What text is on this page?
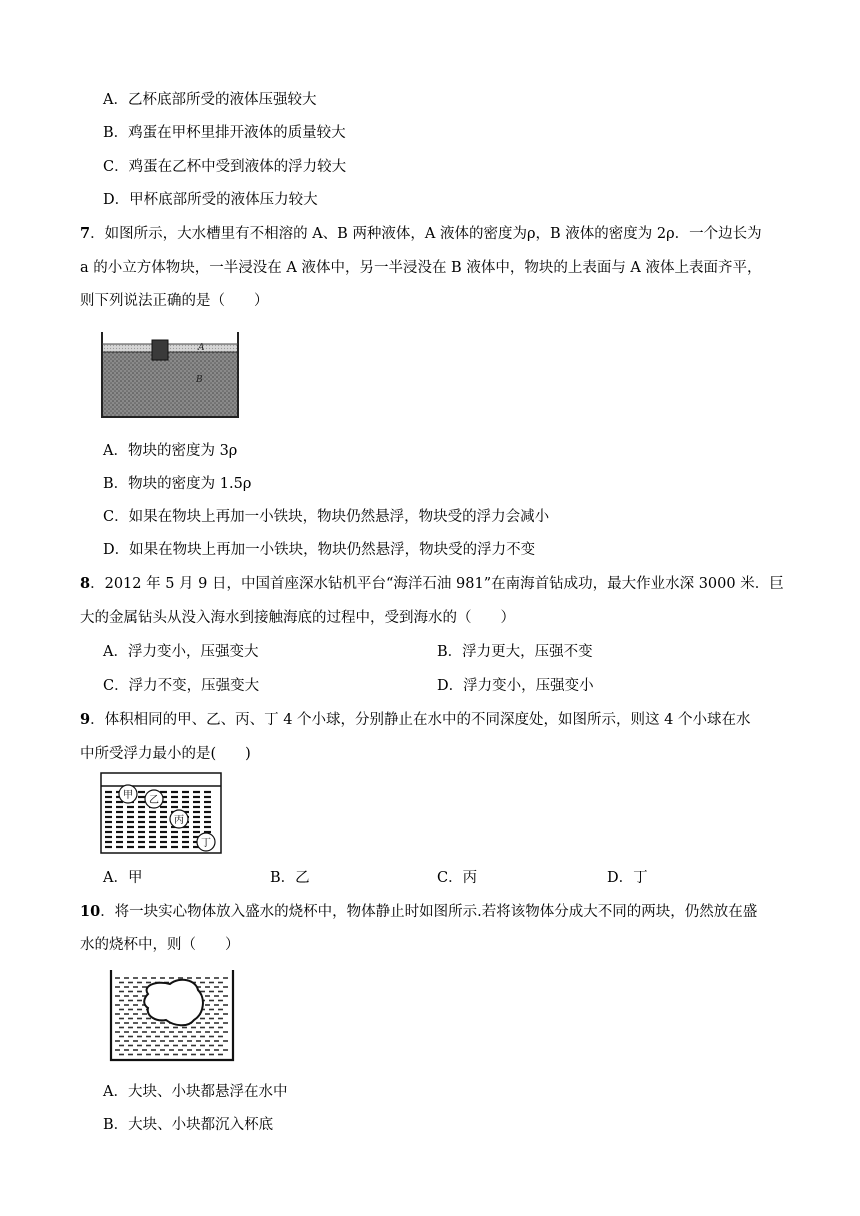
A．乙杯底部所受的液体压强较大
B．鸡蛋在甲杯里排开液体的质量较大
C．鸡蛋在乙杯中受到液体的浮力较大
D．甲杯底部所受的液体压力较大
7．如图所示，大水槽里有不相溶的 A、B 两种液体，A 液体的密度为ρ，B 液体的密度为 2ρ．一个边长为
a 的小立方体物块，一半浸没在 A 液体中，另一半浸没在 B 液体中，物块的上表面与 A 液体上表面齐平，
则下列说法正确的是（　　）
A
B
A．物块的密度为 3ρ
B．物块的密度为 1.5ρ
C．如果在物块上再加一小铁块，物块仍然悬浮，物块受的浮力会减小
D．如果在物块上再加一小铁块，物块仍然悬浮，物块受的浮力不变
8．2012 年 5 月 9 日，中国首座深水钻机平台“海洋石油 981”在南海首钻成功，最大作业水深 3000 米．巨
大的金属钻头从没入海水到接触海底的过程中，受到海水的（　　）
A．浮力变小，压强变大	B．浮力更大，压强不变
C．浮力不变，压强变大	D．浮力变小，压强变小
9．体积相同的甲、乙、丙、丁 4 个小球，分别静止在水中的不同深度处，如图所示，则这 4 个小球在水
中所受浮力最小的是(　　)
甲 乙
丙
丁
A．甲	B．乙	C．丙	D．丁
10．将一块实心物体放入盛水的烧杯中，物体静止时如图所示.若将该物体分成大不同的两块，仍然放在盛
水的烧杯中，则（　　）
A．大块、小块都悬浮在水中
B．大块、小块都沉入杯底
